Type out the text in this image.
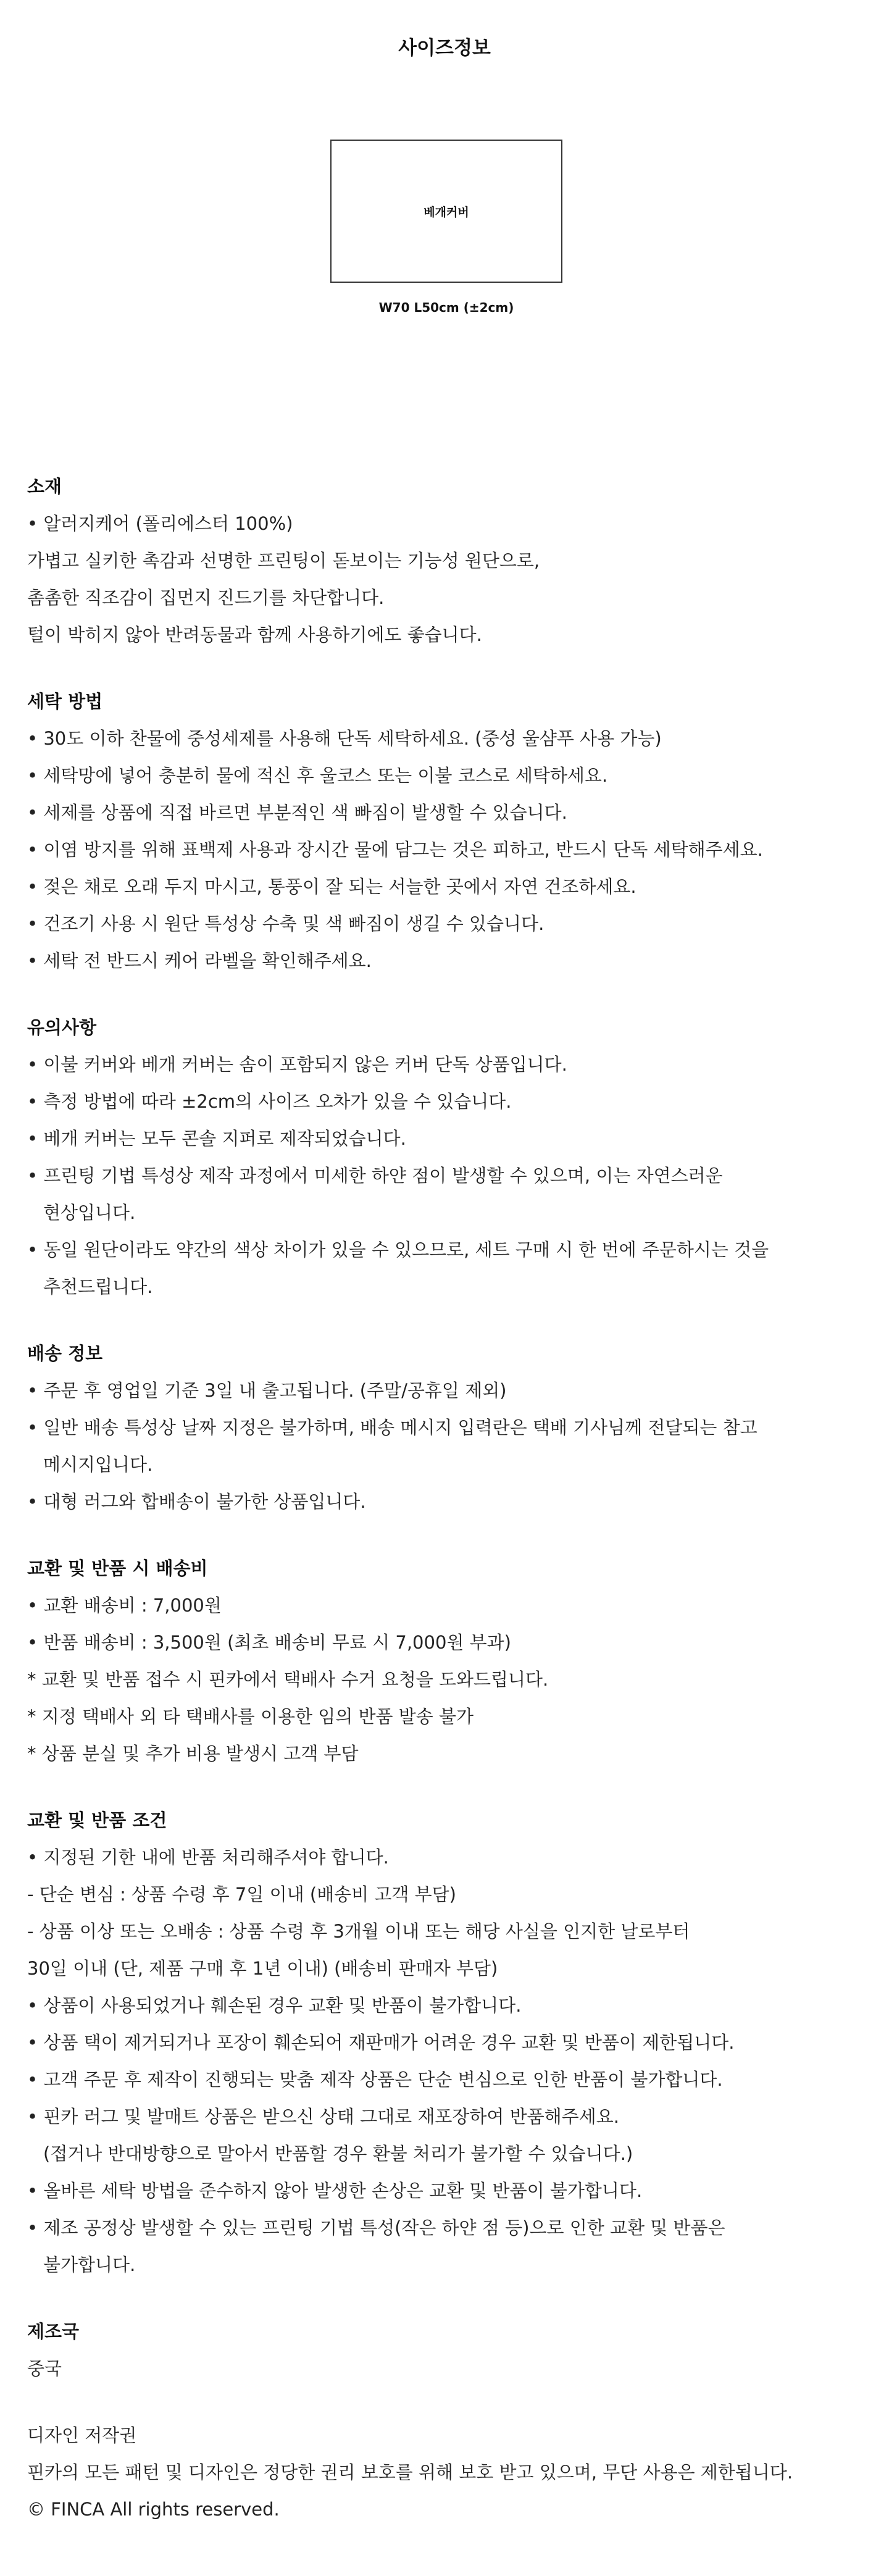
사이즈정보
베개커버
W70 L50cm (±2cm)

소재

• 알러지케어 (폴리에스터 100%)

가볍고 실키한 촉감과 선명한 프린팅이 돋보이는 기능성 원단으로,

촘촘한 직조감이 집먼지 진드기를 차단합니다.

털이 박히지 않아 반려동물과 함께 사용하기에도 좋습니다.

세탁 방법

• 30도 이하 찬물에 중성세제를 사용해 단독 세탁하세요. (중성 울샴푸 사용 가능)

• 세탁망에 넣어 충분히 물에 적신 후 울코스 또는 이불 코스로 세탁하세요.

• 세제를 상품에 직접 바르면 부분적인 색 빠짐이 발생할 수 있습니다.

• 이염 방지를 위해 표백제 사용과 장시간 물에 담그는 것은 피하고, 반드시 단독 세탁해주세요.

• 젖은 채로 오래 두지 마시고, 통풍이 잘 되는 서늘한 곳에서 자연 건조하세요.

• 건조기 사용 시 원단 특성상 수축 및 색 빠짐이 생길 수 있습니다.

• 세탁 전 반드시 케어 라벨을 확인해주세요.

유의사항

• 이불 커버와 베개 커버는 솜이 포함되지 않은 커버 단독 상품입니다.

• 측정 방법에 따라 ±2cm의 사이즈 오차가 있을 수 있습니다.

• 베개 커버는 모두 콘솔 지퍼로 제작되었습니다.

• 프린팅 기법 특성상 제작 과정에서 미세한 하얀 점이 발생할 수 있으며, 이는 자연스러운

현상입니다.

• 동일 원단이라도 약간의 색상 차이가 있을 수 있으므로, 세트 구매 시 한 번에 주문하시는 것을

추천드립니다.

배송 정보

• 주문 후 영업일 기준 3일 내 출고됩니다. (주말/공휴일 제외)

• 일반 배송 특성상 날짜 지정은 불가하며, 배송 메시지 입력란은 택배 기사님께 전달되는 참고

메시지입니다.

• 대형 러그와 합배송이 불가한 상품입니다.

교환 및 반품 시 배송비

• 교환 배송비 : 7,000원

• 반품 배송비 : 3,500원 (최초 배송비 무료 시 7,000원 부과)

* 교환 및 반품 접수 시 핀카에서 택배사 수거 요청을 도와드립니다.

* 지정 택배사 외 타 택배사를 이용한 임의 반품 발송 불가

* 상품 분실 및 추가 비용 발생시 고객 부담

교환 및 반품 조건

• 지정된 기한 내에 반품 처리해주셔야 합니다.

- 단순 변심 : 상품 수령 후 7일 이내 (배송비 고객 부담)

- 상품 이상 또는 오배송 : 상품 수령 후 3개월 이내 또는 해당 사실을 인지한 날로부터

30일 이내 (단, 제품 구매 후 1년 이내) (배송비 판매자 부담)

• 상품이 사용되었거나 훼손된 경우 교환 및 반품이 불가합니다.

• 상품 택이 제거되거나 포장이 훼손되어 재판매가 어려운 경우 교환 및 반품이 제한됩니다.

• 고객 주문 후 제작이 진행되는 맞춤 제작 상품은 단순 변심으로 인한 반품이 불가합니다.

• 핀카 러그 및 발매트 상품은 받으신 상태 그대로 재포장하여 반품해주세요.

(접거나 반대방향으로 말아서 반품할 경우 환불 처리가 불가할 수 있습니다.)

• 올바른 세탁 방법을 준수하지 않아 발생한 손상은 교환 및 반품이 불가합니다.

• 제조 공정상 발생할 수 있는 프린팅 기법 특성(작은 하얀 점 등)으로 인한 교환 및 반품은

불가합니다.

제조국

중국

디자인 저작권

핀카의 모든 패턴 및 디자인은 정당한 권리 보호를 위해 보호 받고 있으며, 무단 사용은 제한됩니다.

© FINCA All rights reserved.
